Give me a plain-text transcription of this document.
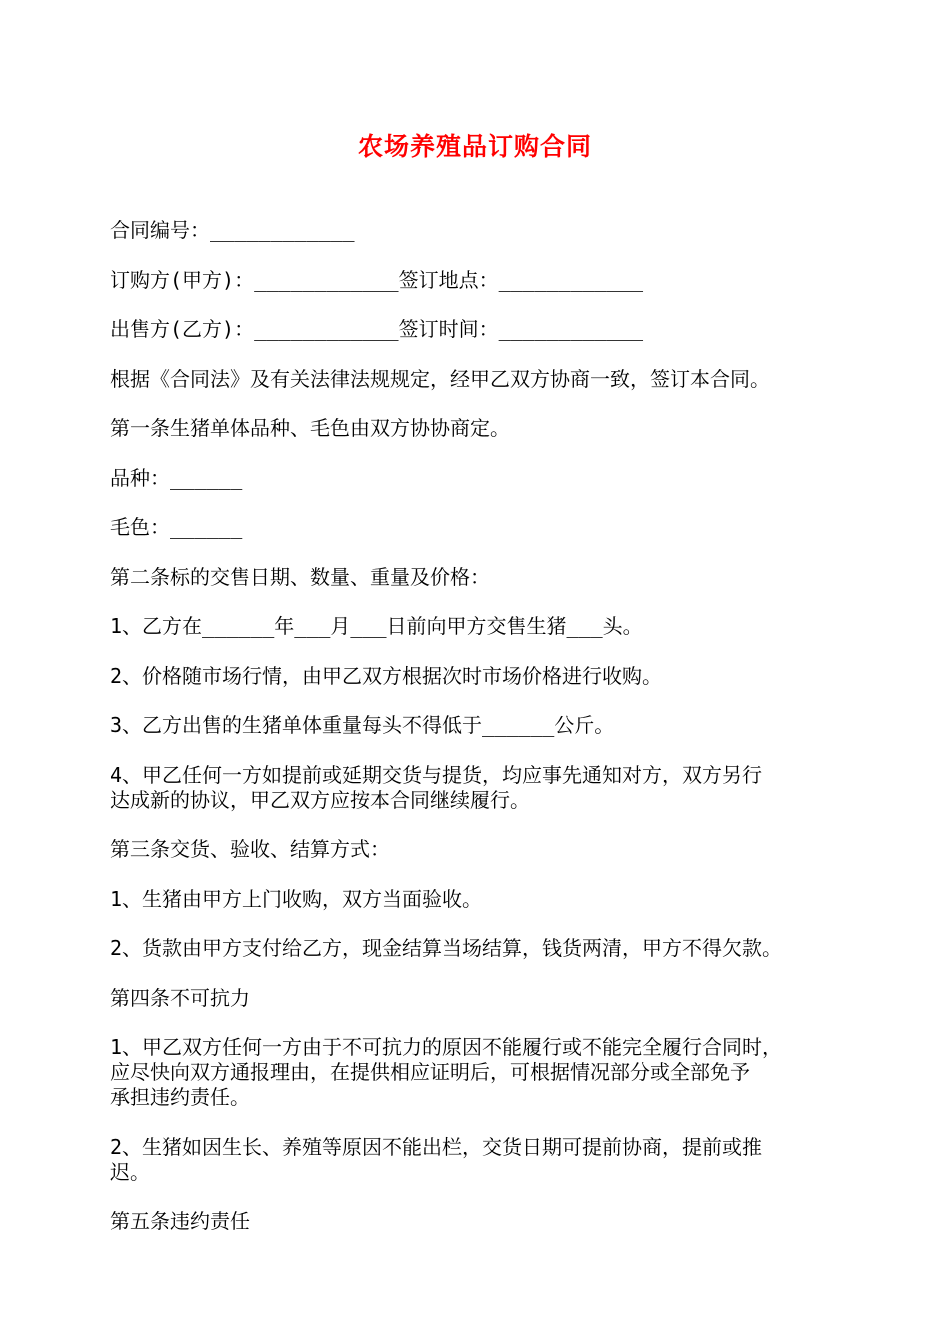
农场养殖品订购合同

合同编号：____________

订购方(甲方)：____________签订地点：____________

出售方(乙方)：____________签订时间：____________

根据《合同法》及有关法律法规规定，经甲乙双方协商一致，签订本合同。

第一条生猪单体品种、毛色由双方协协商定。

品种：______

毛色：______

第二条标的交售日期、数量、重量及价格：

1、乙方在______年___月___日前向甲方交售生猪___头。

2、价格随市场行情，由甲乙双方根据次时市场价格进行收购。

3、乙方出售的生猪单体重量每头不得低于______公斤。

4、甲乙任何一方如提前或延期交货与提货，均应事先通知对方，双方另行
达成新的协议，甲乙双方应按本合同继续履行。

第三条交货、验收、结算方式：

1、生猪由甲方上门收购，双方当面验收。

2、货款由甲方支付给乙方，现金结算当场结算，钱货两清，甲方不得欠款。

第四条不可抗力

1、甲乙双方任何一方由于不可抗力的原因不能履行或不能完全履行合同时，
应尽快向双方通报理由，在提供相应证明后，可根据情况部分或全部免予
承担违约责任。

2、生猪如因生长、养殖等原因不能出栏，交货日期可提前协商，提前或推
迟。

第五条违约责任
